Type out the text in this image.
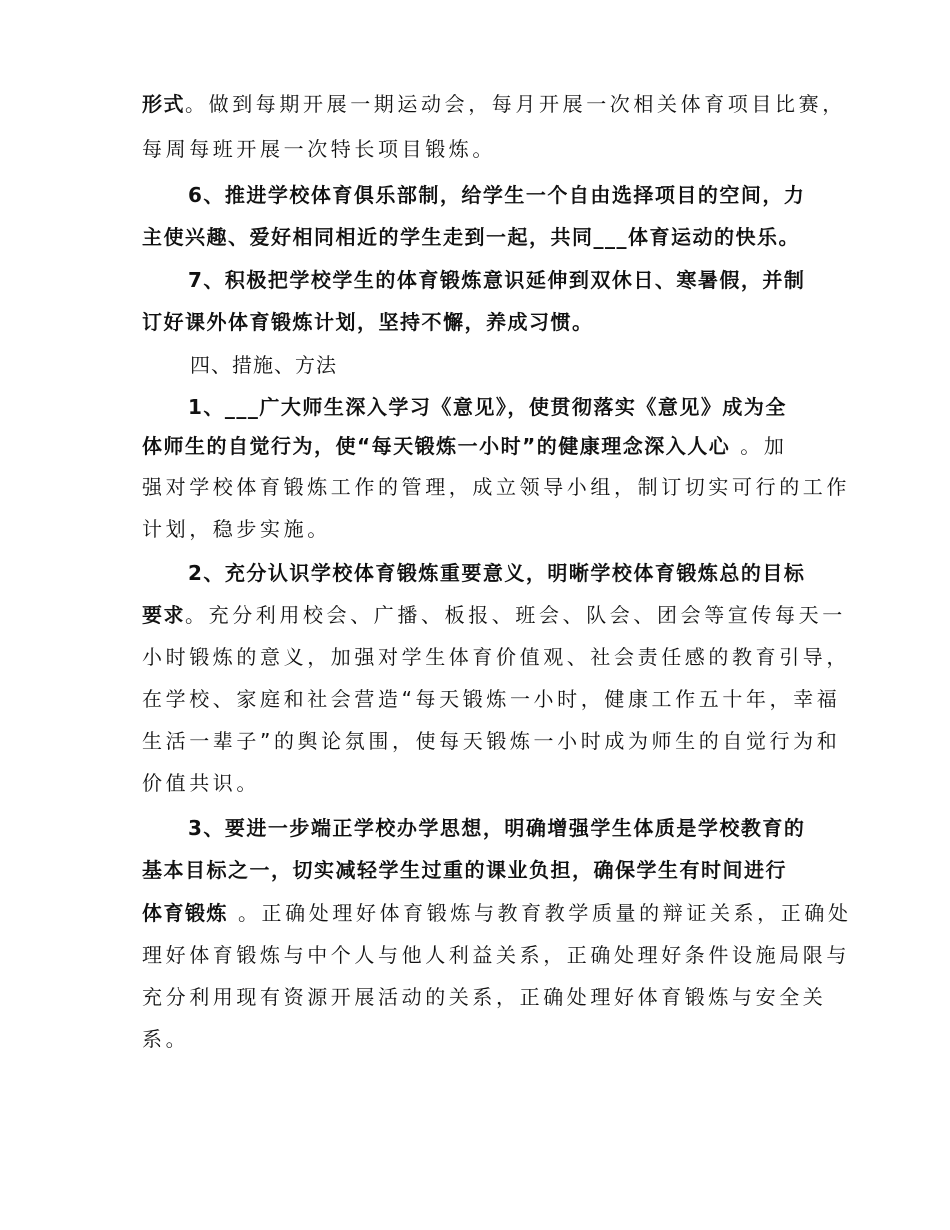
形式。做到每期开展一期运动会，每月开展一次相关体育项目比赛，
每周每班开展一次特长项目锻炼。
6、推进学校体育俱乐部制，给学生一个自由选择项目的空间，力
主使兴趣、爱好相同相近的学生走到一起，共同___体育运动的快乐。
7、积极把学校学生的体育锻炼意识延伸到双休日、寒暑假，并制
订好课外体育锻炼计划，坚持不懈，养成习惯。
四、措施、方法
1、___广大师生深入学习《意见》，使贯彻落实《意见》成为全
体师生的自觉行为，使“每天锻炼一小时”的健康理念深入人心 。加
强对学校体育锻炼工作的管理，成立领导小组，制订切实可行的工作
计划，稳步实施。
2、充分认识学校体育锻炼重要意义，明晰学校体育锻炼总的目标
要求。充分利用校会、广播、板报、班会、队会、团会等宣传每天一
小时锻炼的意义，加强对学生体育价值观、社会责任感的教育引导，
在学校、家庭和社会营造“每天锻炼一小时，健康工作五十年，幸福
生活一辈子”的舆论氛围，使每天锻炼一小时成为师生的自觉行为和
价值共识。
3、要进一步端正学校办学思想，明确增强学生体质是学校教育的
基本目标之一，切实减轻学生过重的课业负担，确保学生有时间进行
体育锻炼 。正确处理好体育锻炼与教育教学质量的辩证关系，正确处
理好体育锻炼与中个人与他人利益关系，正确处理好条件设施局限与
充分利用现有资源开展活动的关系，正确处理好体育锻炼与安全关
系。
